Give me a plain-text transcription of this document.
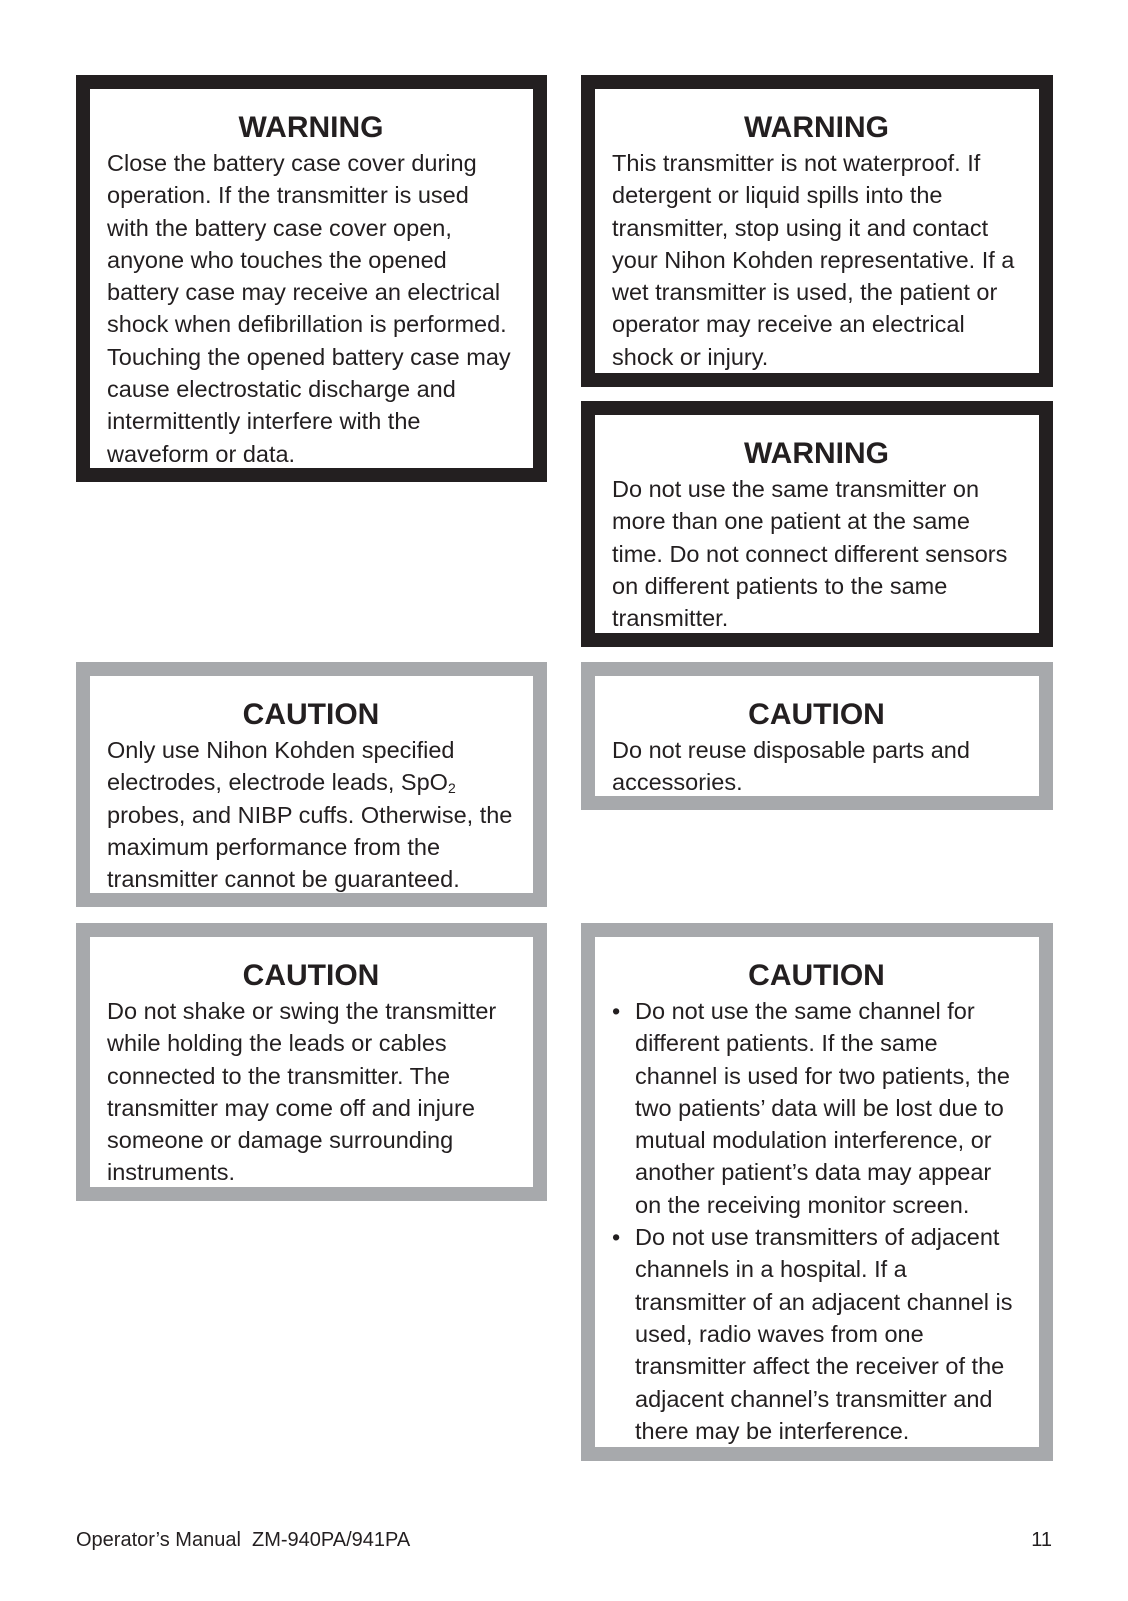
WARNING

Close the battery case cover during operation. If the transmitter is used with the battery case cover open, anyone who touches the opened battery case may receive an electrical shock when defibrillation is performed. Touching the opened battery case may cause electrostatic discharge and intermittently interfere with the waveform or data.

WARNING

This transmitter is not waterproof. If detergent or liquid spills into the transmitter, stop using it and contact your Nihon Kohden representative. If a wet transmitter is used, the patient or operator may receive an electrical shock or injury.

WARNING

Do not use the same transmitter on more than one patient at the same time. Do not connect different sensors on different patients to the same transmitter.

CAUTION

Only use Nihon Kohden specified electrodes, electrode leads, SpO$_2$ probes, and NIBP cuffs. Otherwise, the maximum performance from the transmitter cannot be guaranteed.

CAUTION

Do not reuse disposable parts and accessories.

CAUTION

Do not shake or swing the transmitter while holding the leads or cables connected to the transmitter. The transmitter may come off and injure someone or damage surrounding instruments.

CAUTION
• Do not use the same channel for different patients. If the same channel is used for two patients, the two patients’ data will be lost due to mutual modulation interference, or another patient’s data may appear on the receiving monitor screen.
• Do not use transmitters of adjacent channels in a hospital. If a transmitter of an adjacent channel is used, radio waves from one transmitter affect the receiver of the adjacent channel’s transmitter and there may be interference.
Operator’s Manual  ZM-940PA/941PA	11
